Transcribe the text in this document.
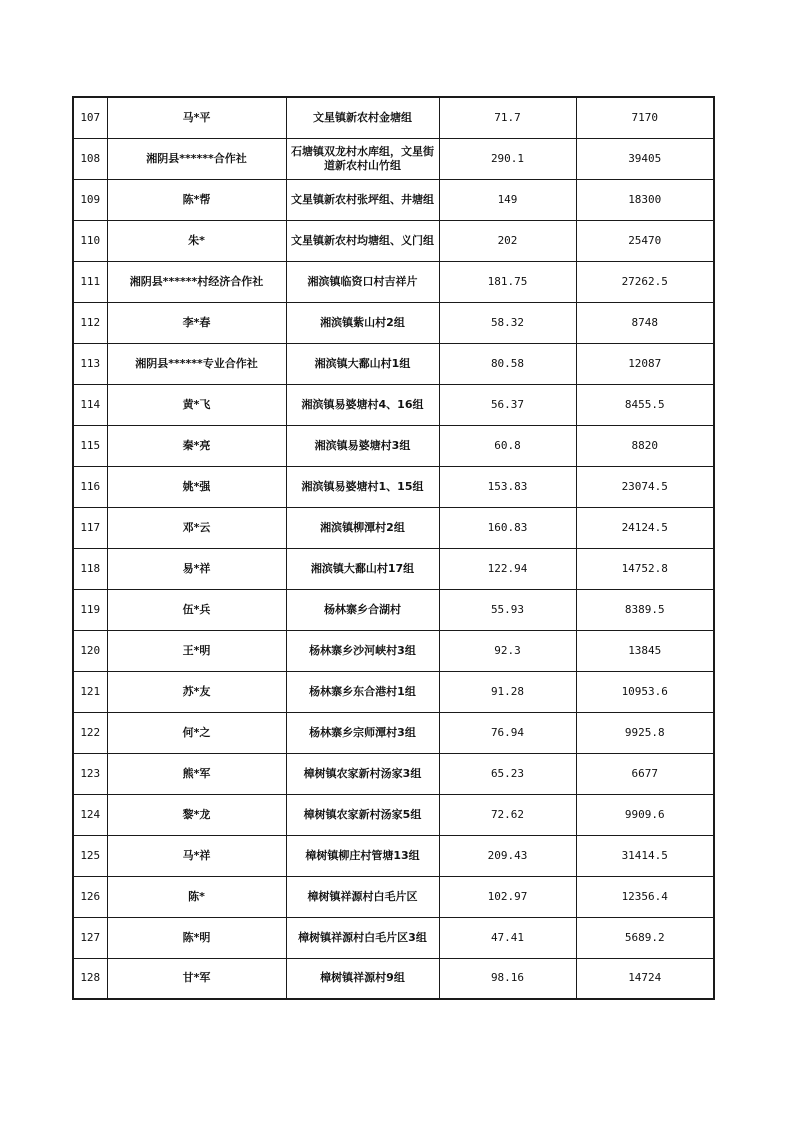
107	马*平	文星镇新农村金塘组	71.7	7170
108	湘阴县******合作社	石塘镇双龙村水库组，文星街道新农村山竹组	290.1	39405
109	陈*帮	文星镇新农村张坪组、井塘组	149	18300
110	朱*	文星镇新农村均塘组、义门组	202	25470
111	湘阴县******村经济合作社	湘滨镇临资口村吉祥片	181.75	27262.5
112	李*春	湘滨镇紫山村2组	58.32	8748
113	湘阴县******专业合作社	湘滨镇大鄱山村1组	80.58	12087
114	黄*飞	湘滨镇易婆塘村4、16组	56.37	8455.5
115	秦*亮	湘滨镇易婆塘村3组	60.8	8820
116	姚*强	湘滨镇易婆塘村1、15组	153.83	23074.5
117	邓*云	湘滨镇柳潭村2组	160.83	24124.5
118	易*祥	湘滨镇大鄱山村17组	122.94	14752.8
119	伍*兵	杨林寨乡合湖村	55.93	8389.5
120	王*明	杨林寨乡沙河峡村3组	92.3	13845
121	苏*友	杨林寨乡东合港村1组	91.28	10953.6
122	何*之	杨林寨乡宗师潭村3组	76.94	9925.8
123	熊*军	樟树镇农家新村汤家3组	65.23	6677
124	黎*龙	樟树镇农家新村汤家5组	72.62	9909.6
125	马*祥	樟树镇柳庄村管塘13组	209.43	31414.5
126	陈*	樟树镇祥源村白毛片区	102.97	12356.4
127	陈*明	樟树镇祥源村白毛片区3组	47.41	5689.2
128	甘*军	樟树镇祥源村9组	98.16	14724
